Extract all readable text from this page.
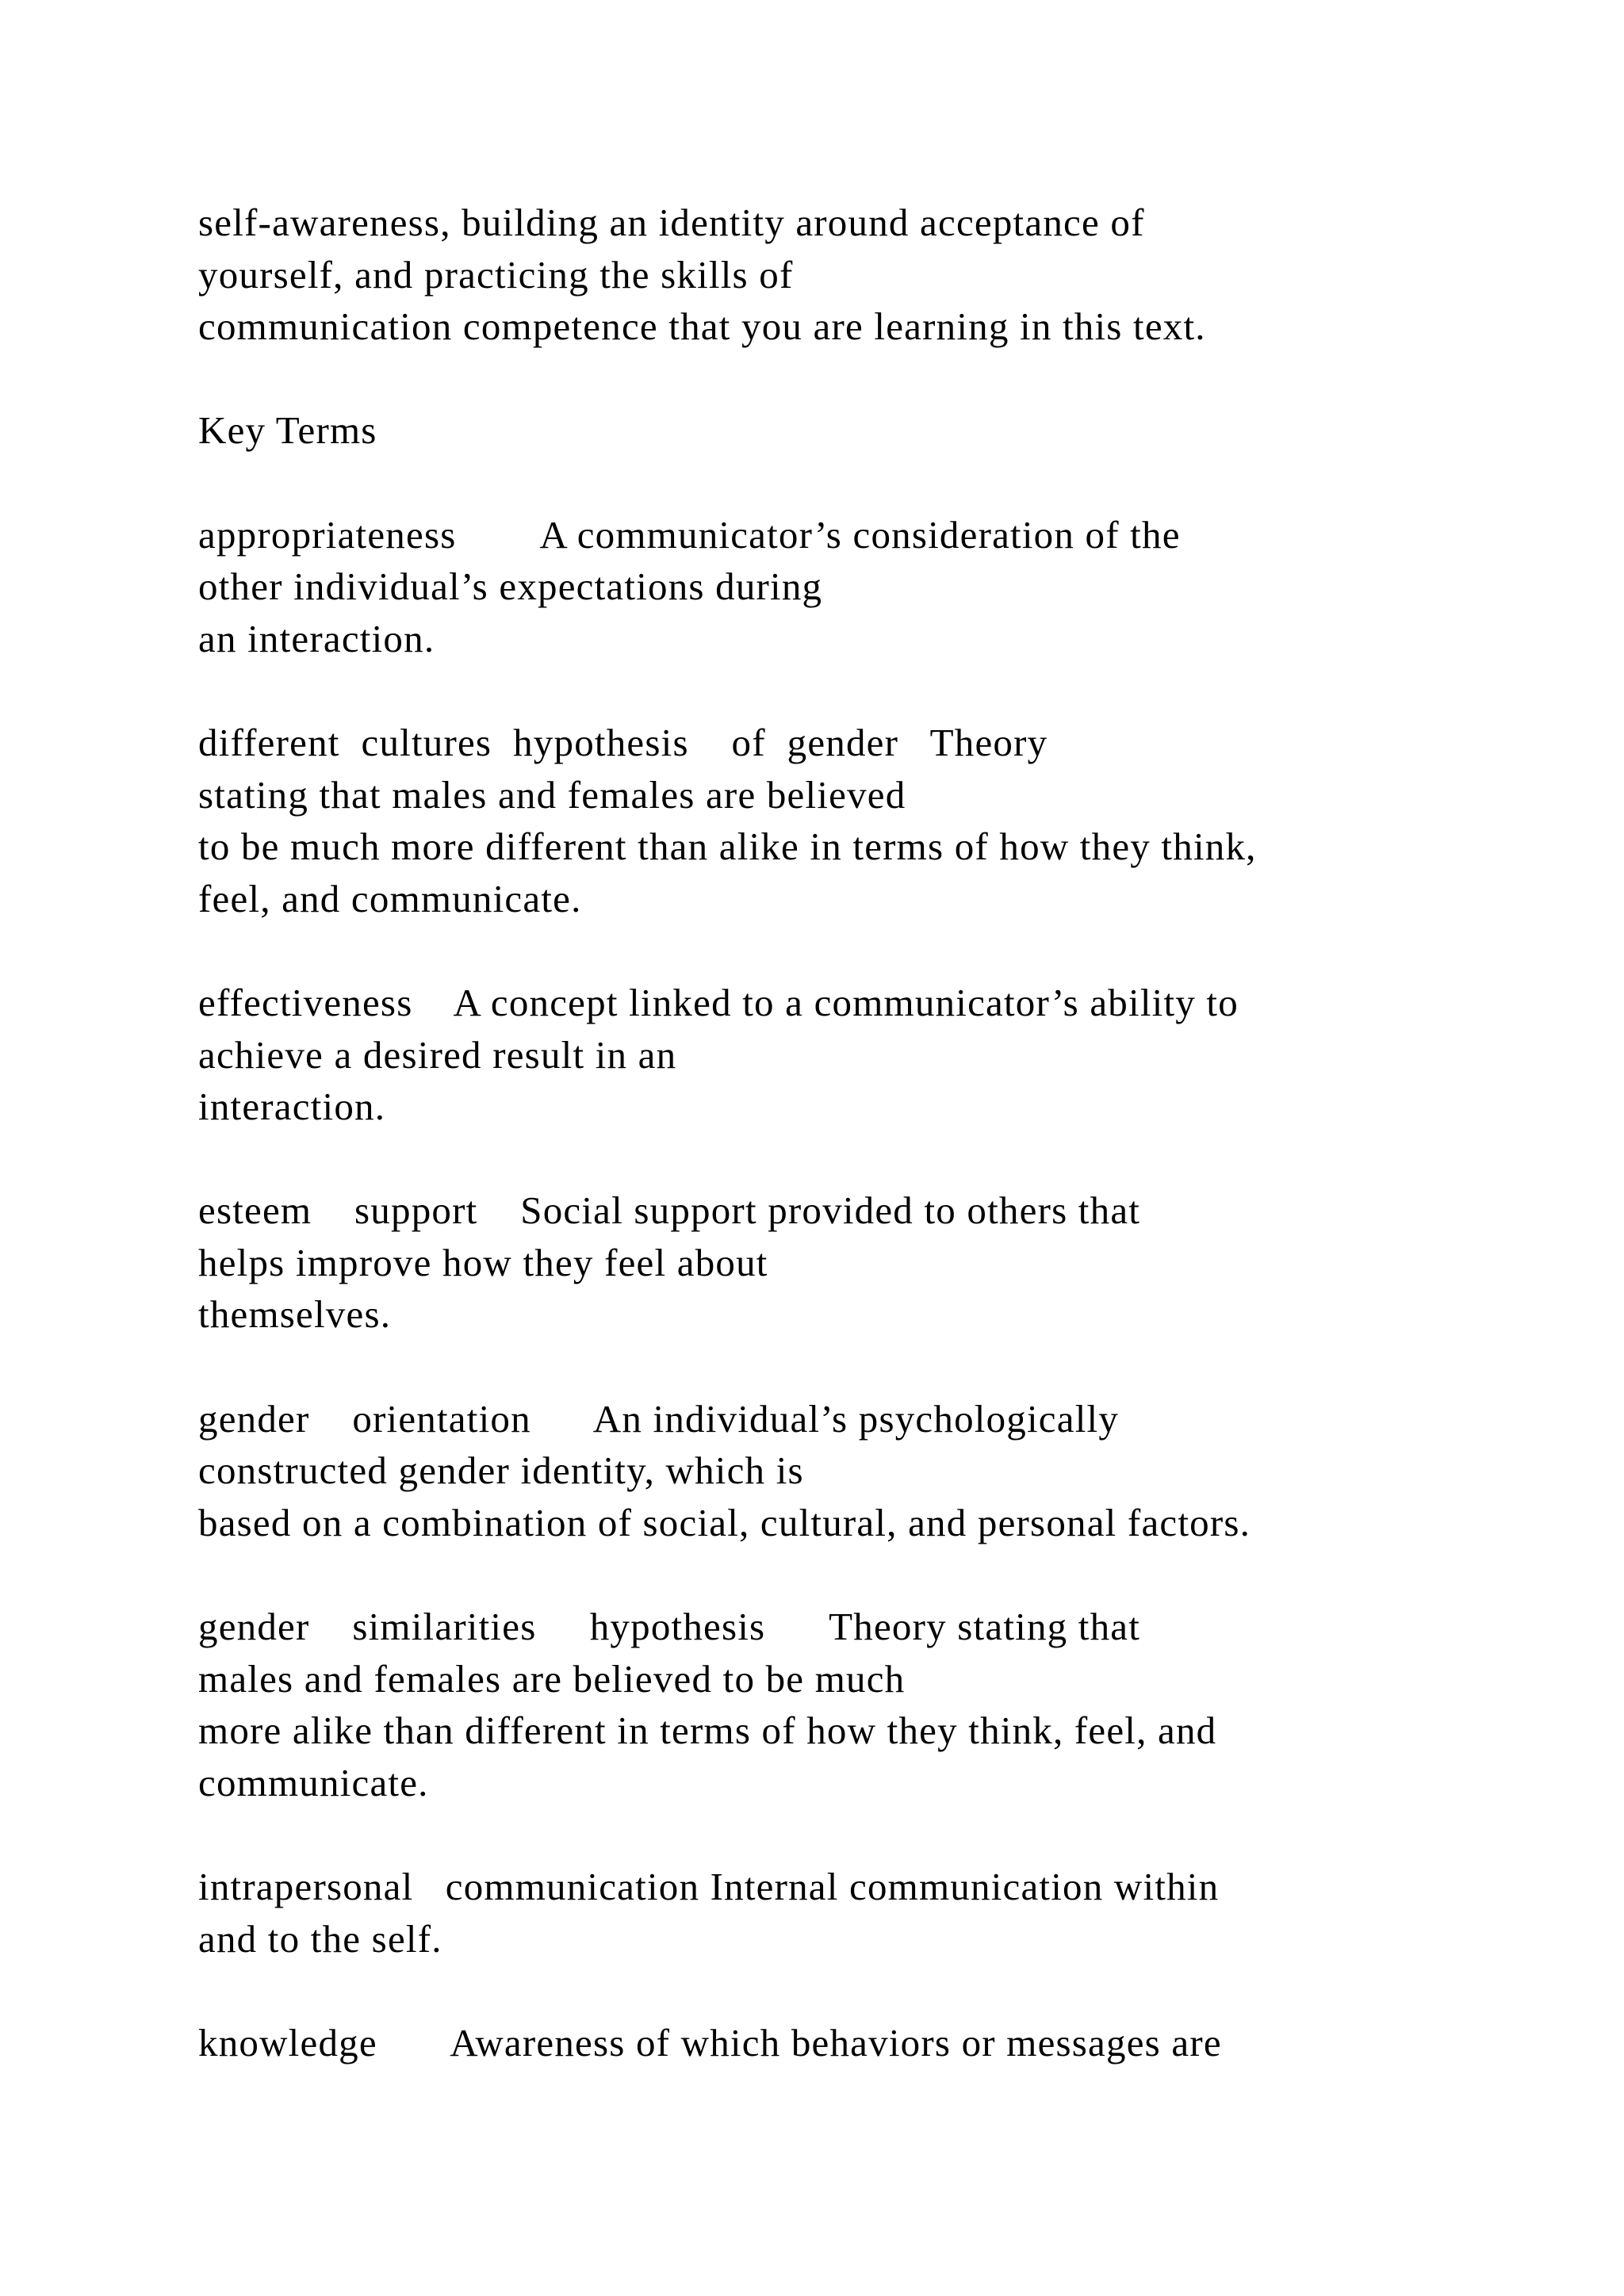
self-awareness, building an identity around acceptance of
yourself, and practicing the skills of
communication competence that you are learning in this text.
Key Terms
appropriateness        A communicator’s consideration of the
other individual’s expectations during
an interaction.
different  cultures  hypothesis    of  gender   Theory
stating that males and females are believed
to be much more different than alike in terms of how they think,
feel, and communicate.
effectiveness    A concept linked to a communicator’s ability to
achieve a desired result in an
interaction.
esteem    support    Social support provided to others that
helps improve how they feel about
themselves.
gender    orientation      An individual’s psychologically
constructed gender identity, which is
based on a combination of social, cultural, and personal factors.
gender    similarities     hypothesis      Theory stating that
males and females are believed to be much
more alike than different in terms of how they think, feel, and
communicate.
intrapersonal   communication Internal communication within
and to the self.
knowledge       Awareness of which behaviors or messages are
